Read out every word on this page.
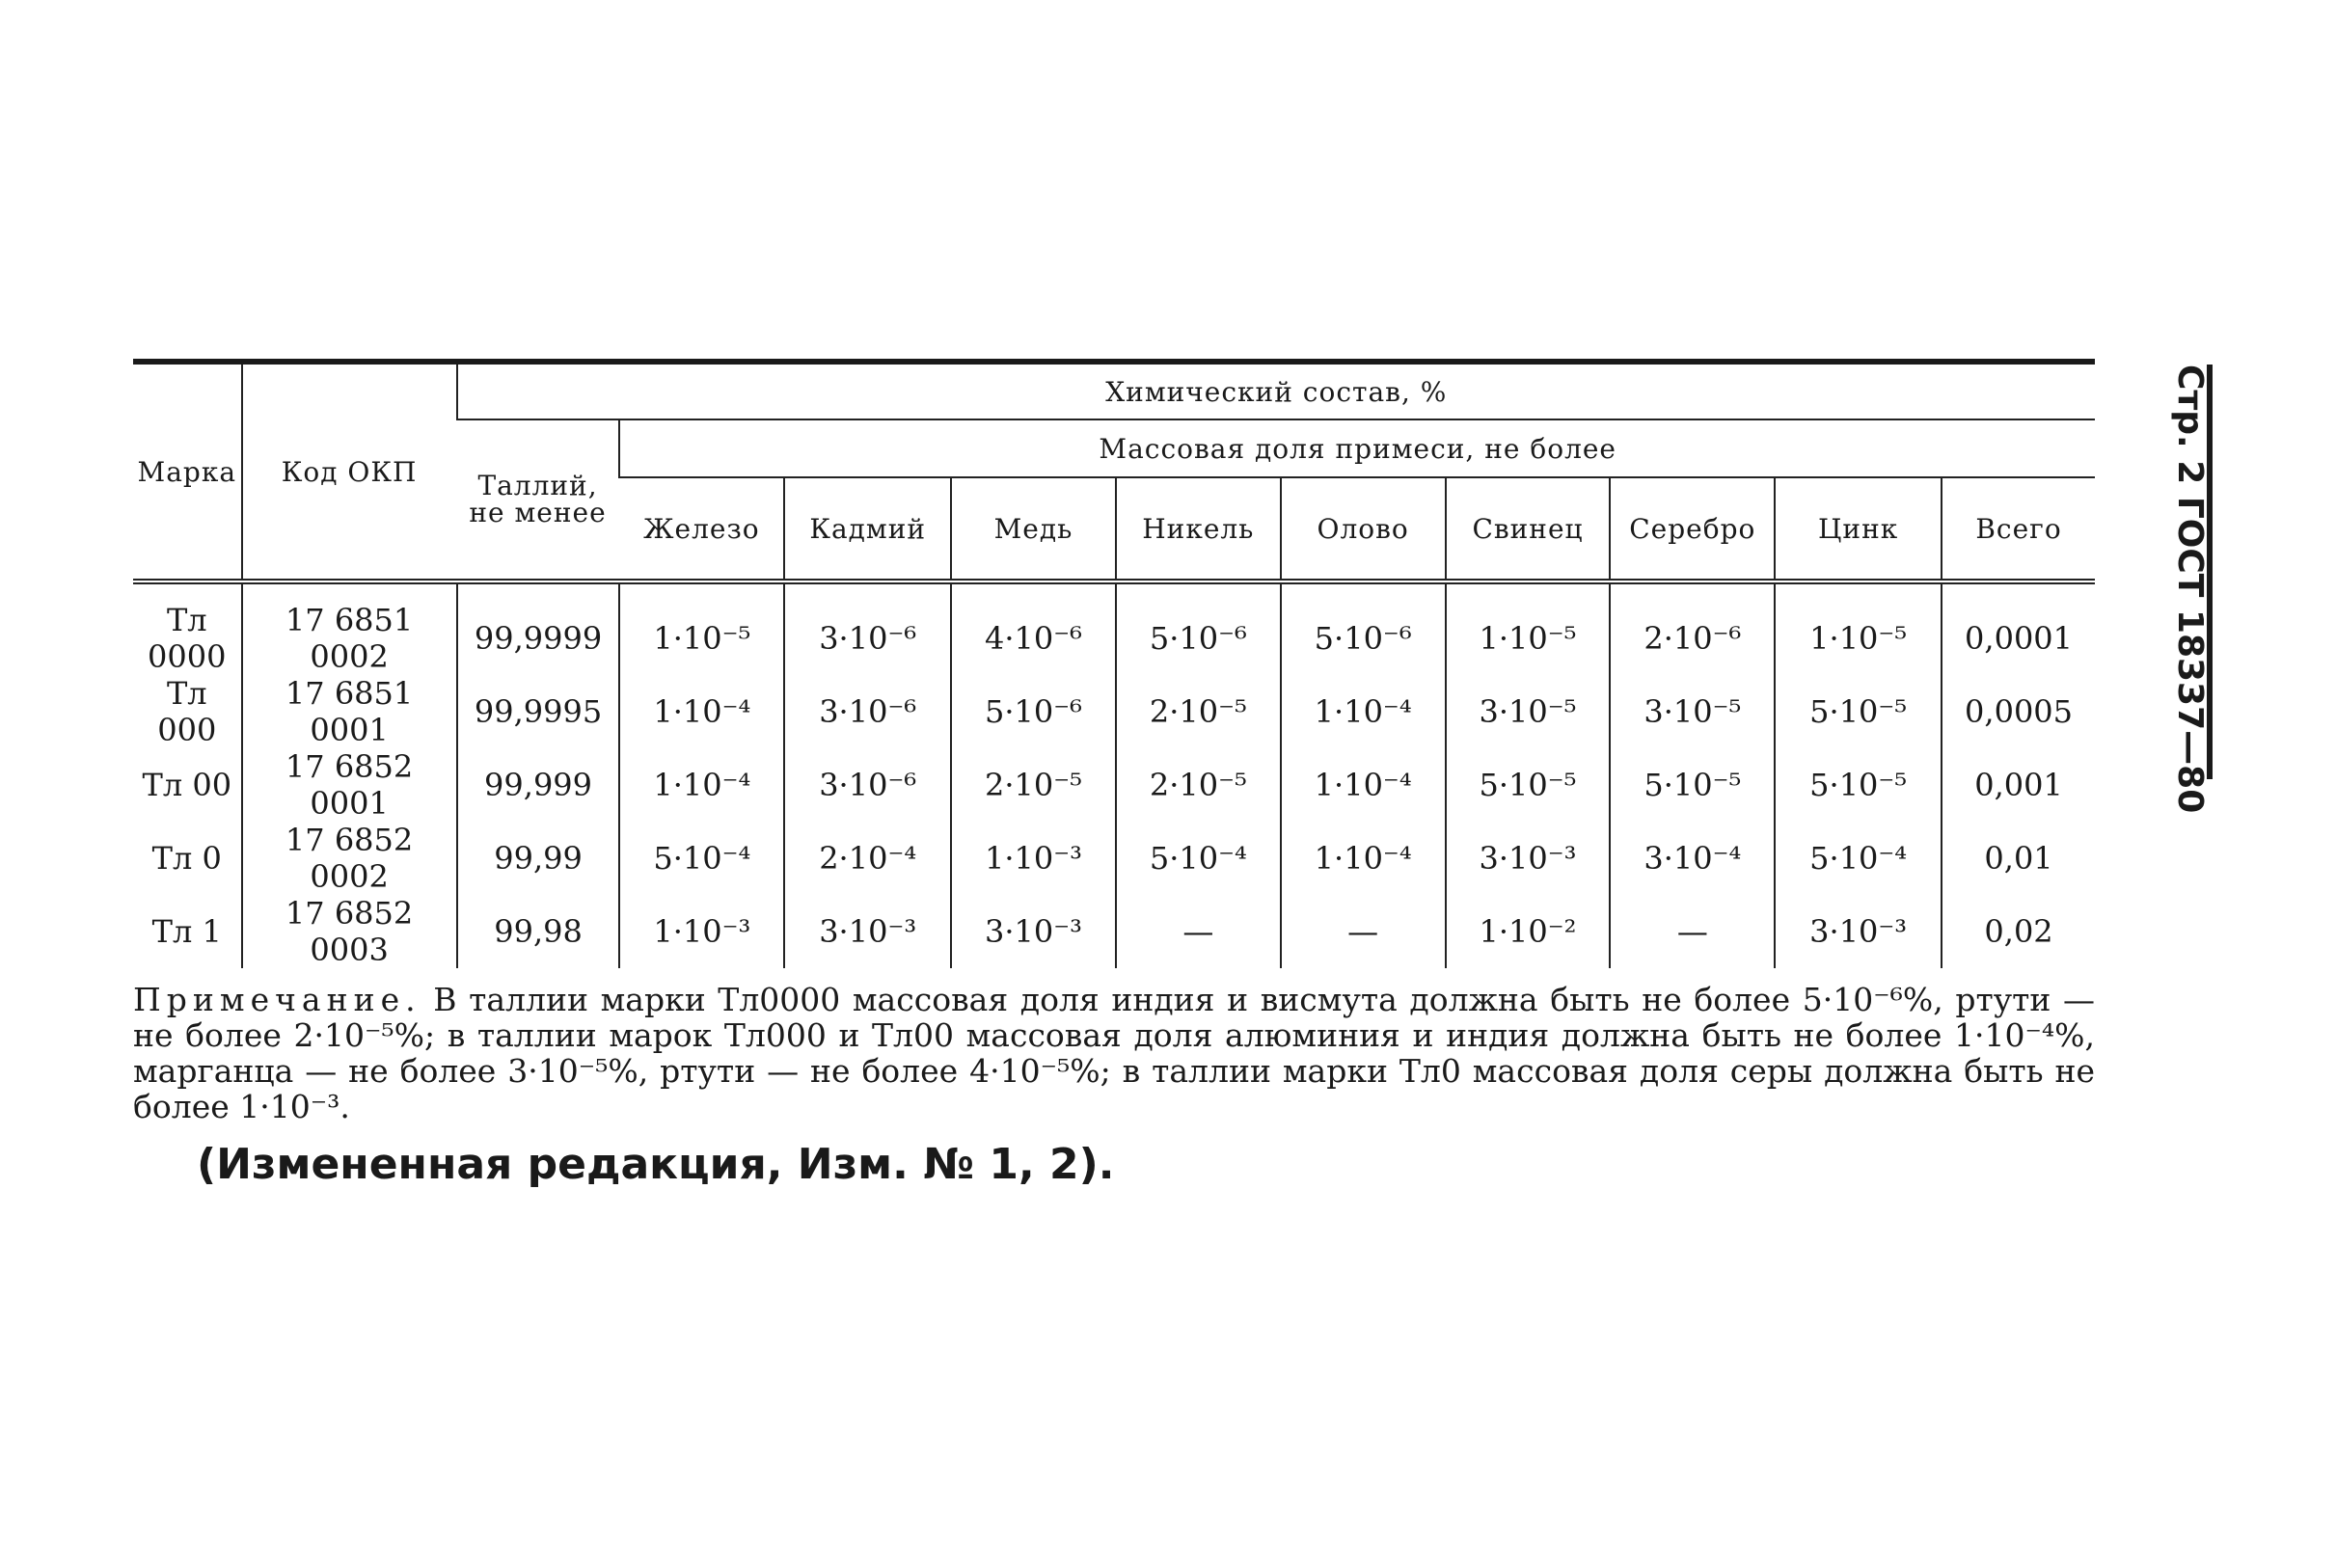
Стр. 2 ГОСТ 18337—80
Марка	Код ОКП	Химический состав, %									
		Таллий, не менее	Массовая доля примеси, не более								
			Железо	Кадмий	Медь	Никель	Олово	Свинец	Серебро	Цинк	Всего
Тл 0000	17 6851 0002	99,9999	1·10⁻⁵	3·10⁻⁶	4·10⁻⁶	5·10⁻⁶	5·10⁻⁶	1·10⁻⁵	2·10⁻⁶	1·10⁻⁵	0,0001
Тл 000	17 6851 0001	99,9995	1·10⁻⁴	3·10⁻⁶	5·10⁻⁶	2·10⁻⁵	1·10⁻⁴	3·10⁻⁵	3·10⁻⁵	5·10⁻⁵	0,0005
Тл 00	17 6852 0001	99,999	1·10⁻⁴	3·10⁻⁶	2·10⁻⁵	2·10⁻⁵	1·10⁻⁴	5·10⁻⁵	5·10⁻⁵	5·10⁻⁵	0,001
Тл 0	17 6852 0002	99,99	5·10⁻⁴	2·10⁻⁴	1·10⁻³	5·10⁻⁴	1·10⁻⁴	3·10⁻³	3·10⁻⁴	5·10⁻⁴	0,01
Тл 1	17 6852 0003	99,98	1·10⁻³	3·10⁻³	3·10⁻³	—	—	1·10⁻²	—	3·10⁻³	0,02
Примечание. В таллии марки Тл0000 массовая доля индия и висмута должна быть не более 5·10⁻⁶%, ртути — не более 2·10⁻⁵%; в таллии марок Тл000 и Тл00 массовая доля алюминия и индия должна быть не более 1·10⁻⁴%, марганца — не более 3·10⁻⁵%, ртути — не более 4·10⁻⁵%; в таллии марки Тл0 массовая доля серы должна быть не более 1·10⁻³.
(Измененная редакция, Изм. № 1, 2).
